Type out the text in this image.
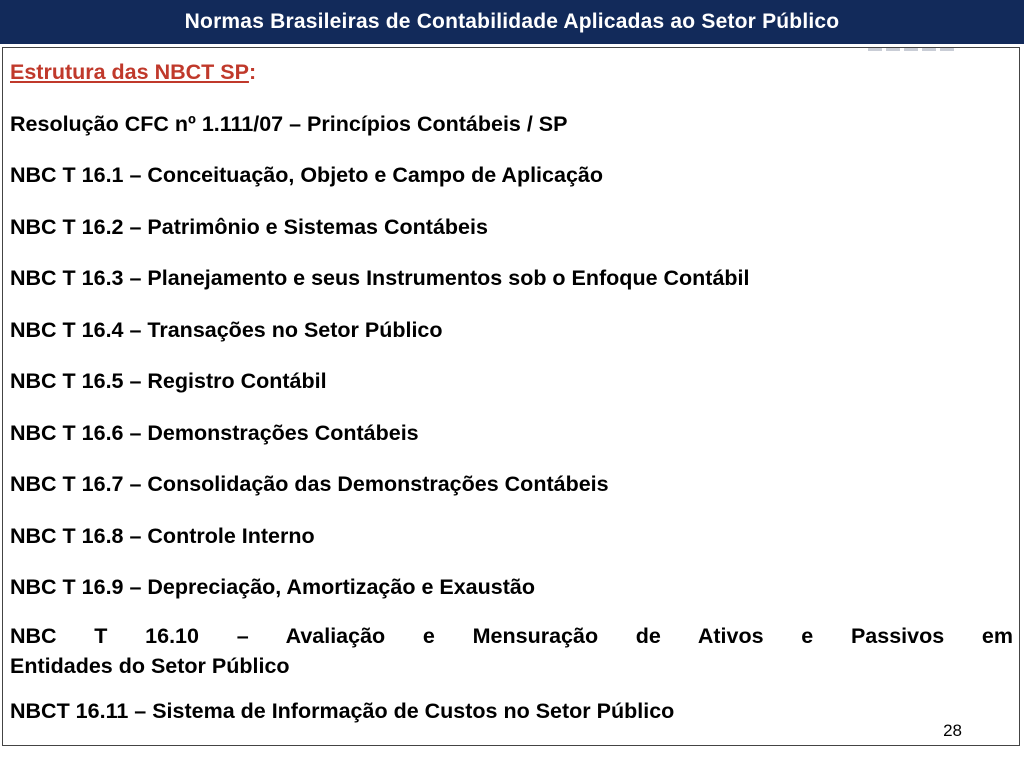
Normas Brasileiras de Contabilidade Aplicadas ao Setor Público
Estrutura das NBCT SP:
Resolução CFC nº 1.111/07 – Princípios Contábeis / SP
NBC T 16.1 – Conceituação, Objeto e Campo de Aplicação
NBC T 16.2 – Patrimônio e Sistemas Contábeis
NBC T 16.3 – Planejamento e seus Instrumentos sob o Enfoque Contábil
NBC T 16.4 – Transações no Setor Público
NBC T 16.5 – Registro Contábil
NBC T 16.6 – Demonstrações Contábeis
NBC T 16.7 – Consolidação das Demonstrações Contábeis
NBC T 16.8 – Controle Interno
NBC T 16.9 – Depreciação, Amortização e Exaustão
NBC T 16.10 – Avaliação e Mensuração de Ativos e Passivos em
Entidades do Setor Público
NBCT 16.11 – Sistema de Informação de Custos no Setor Público
28
